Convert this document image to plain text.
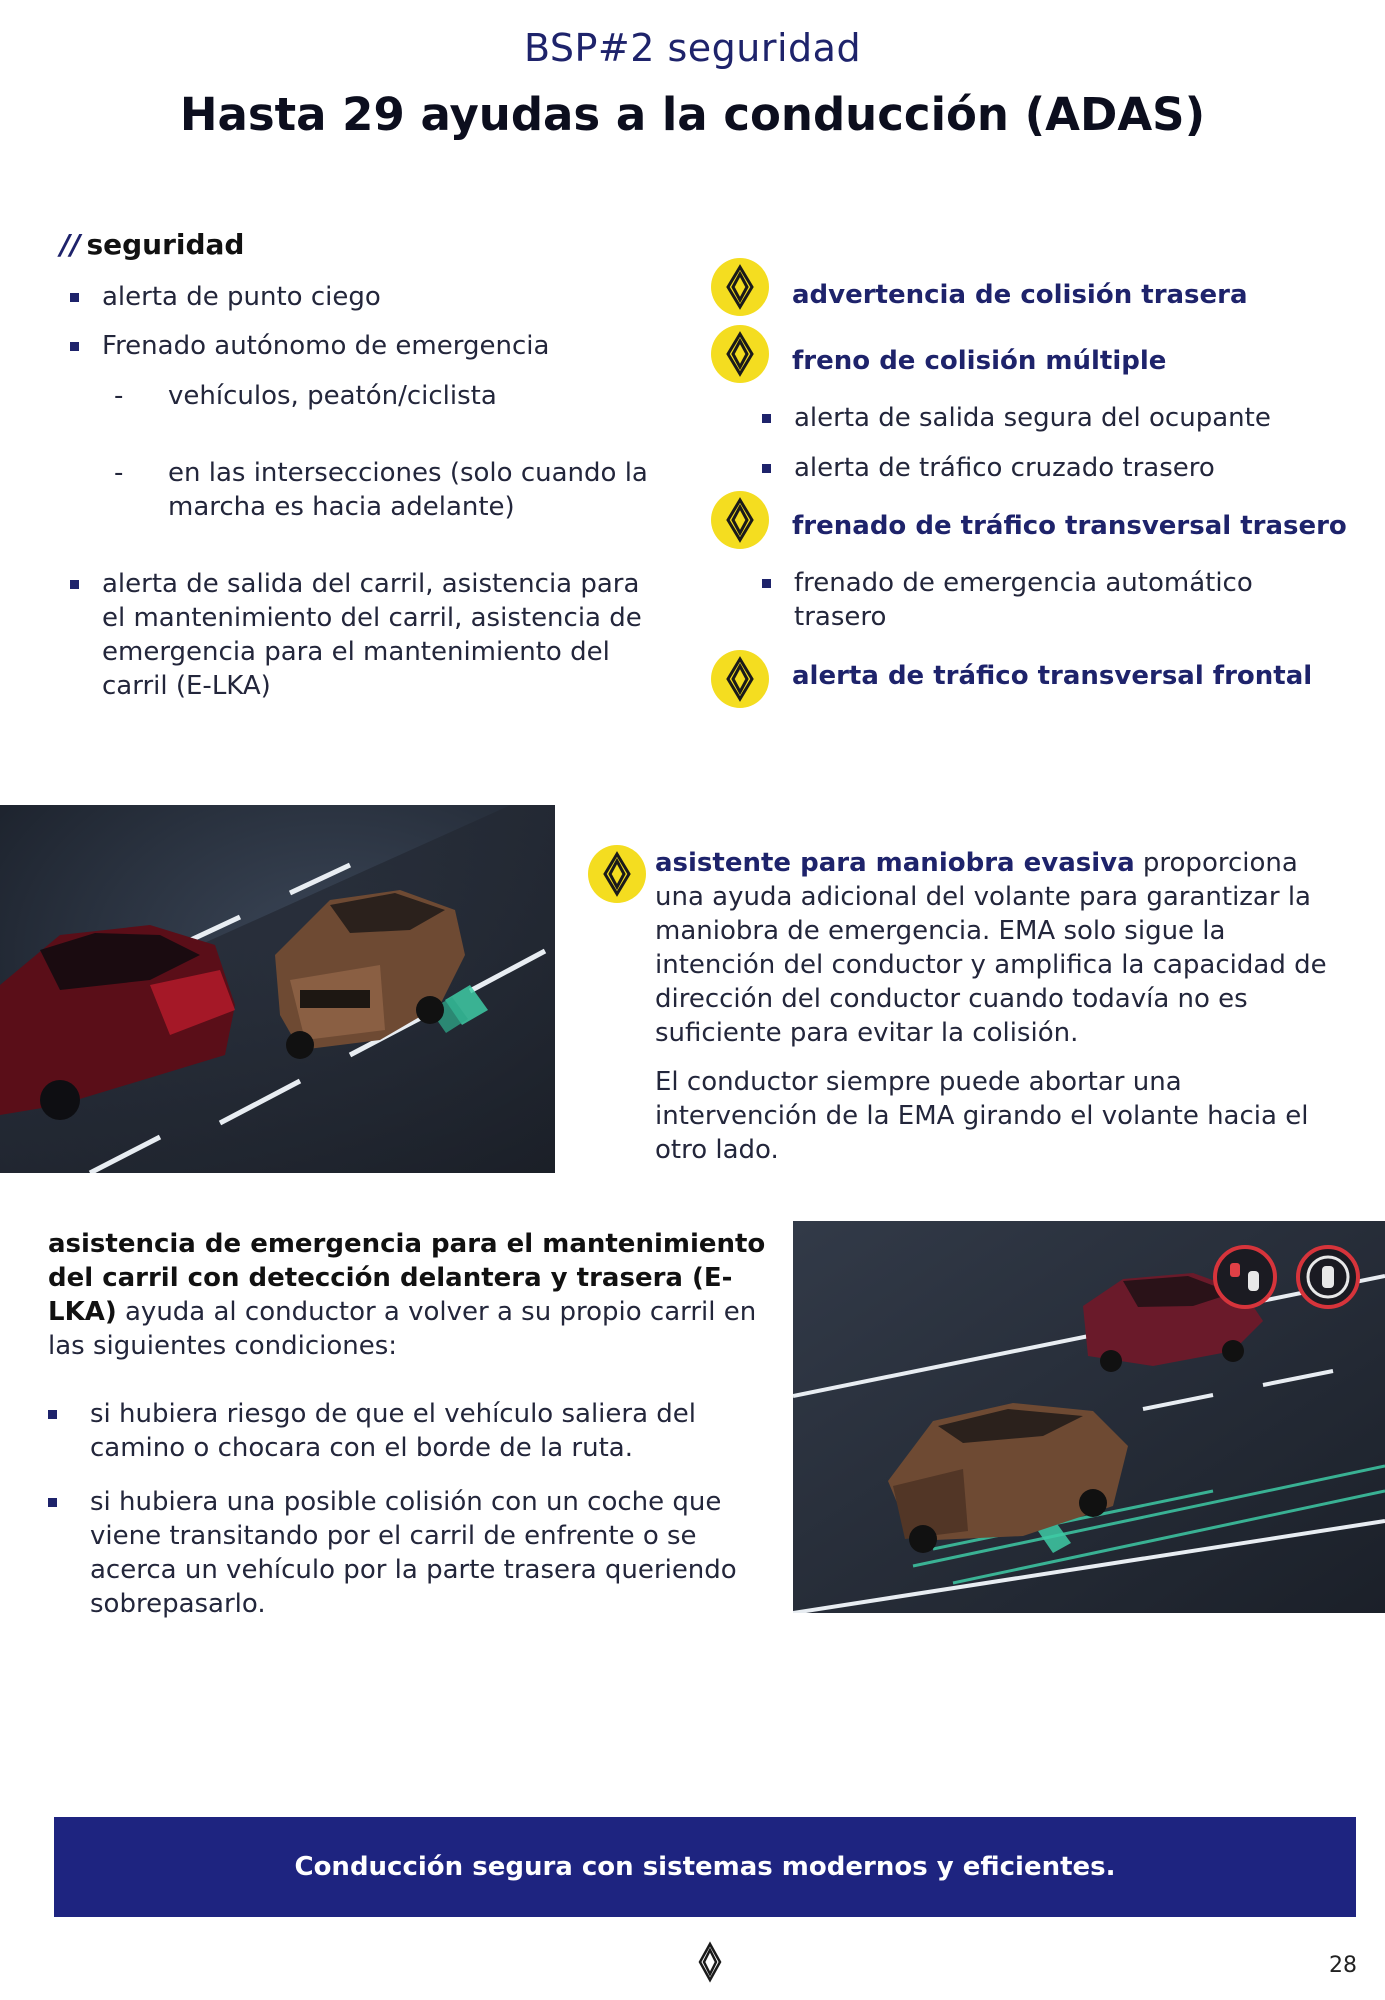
BSP#2 seguridad
Hasta 29 ayudas a la conducción (ADAS)
// seguridad
alerta de punto ciego
Frenado autónomo de emergencia
-	vehículos, peatón/ciclista
-	en las intersecciones (solo cuando la marcha es hacia adelante)
alerta de salida del carril, asistencia para el mantenimiento del carril, asistencia de emergencia para el mantenimiento del carril (E-LKA)
advertencia de colisión trasera
freno de colisión múltiple
alerta de salida segura del ocupante
alerta de tráfico cruzado trasero
frenado de tráfico transversal trasero
frenado de emergencia automático trasero
alerta de tráfico transversal frontal
asistente para maniobra evasiva proporciona una ayuda adicional del volante para garantizar la maniobra de emergencia. EMA solo sigue la intención del conductor y amplifica la capacidad de dirección del conductor cuando todavía no es suficiente para evitar la colisión.
El conductor siempre puede abortar una intervención de la EMA girando el volante hacia el otro lado.
asistencia de emergencia para el mantenimiento del carril con detección delantera y trasera (E-LKA) ayuda al conductor a volver a su propio carril en las siguientes condiciones:
si hubiera riesgo de que el vehículo saliera del camino o chocara con el borde de la ruta.
si hubiera una posible colisión con un coche que viene transitando por el carril de enfrente o se acerca un vehículo por la parte trasera queriendo sobrepasarlo.
Conducción segura con sistemas modernos y eficientes.
28
